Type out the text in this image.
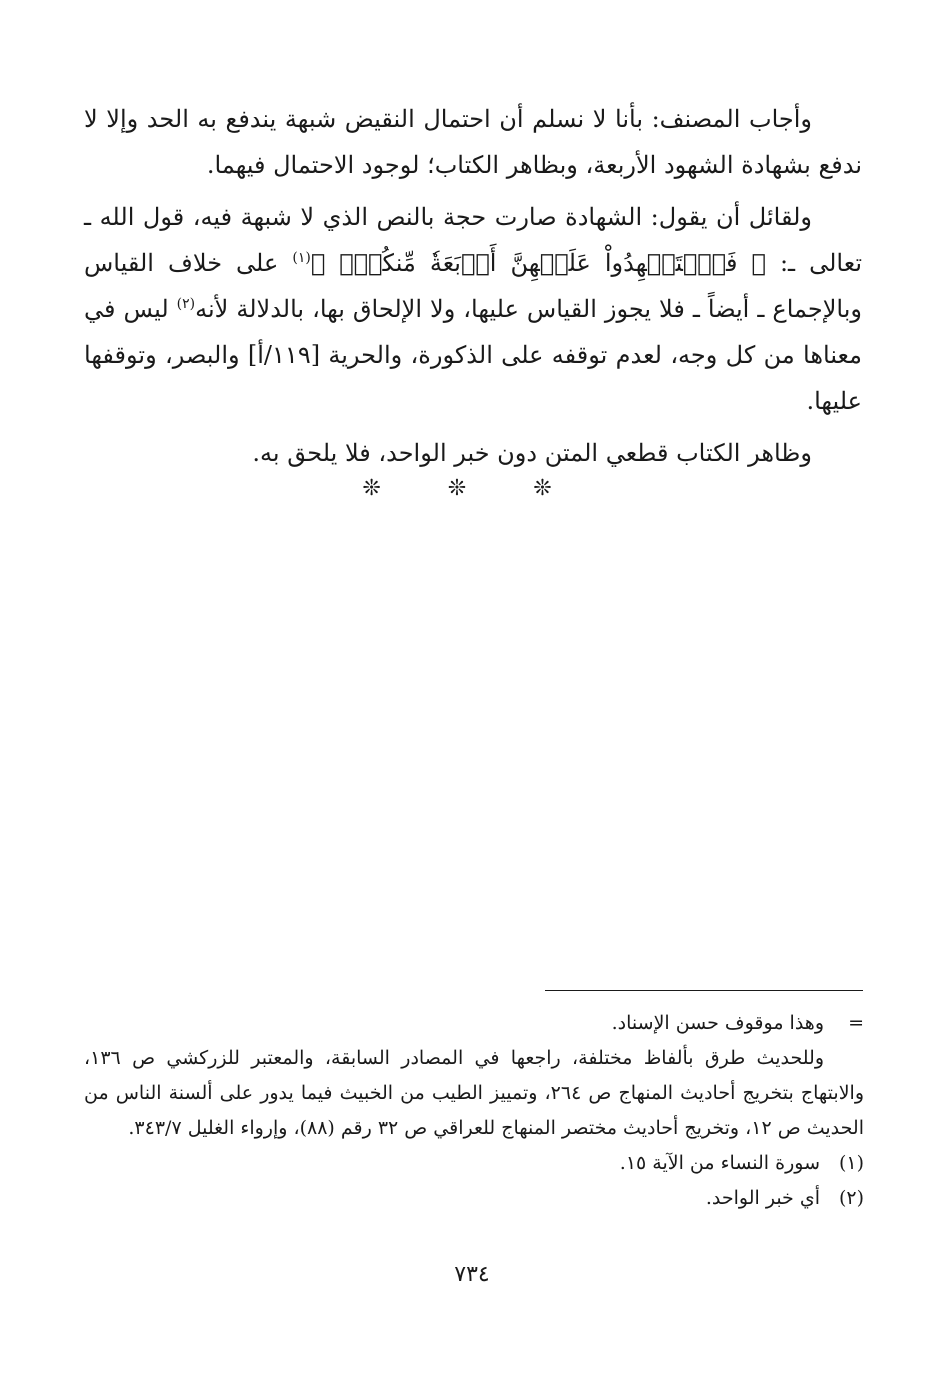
وأجاب المصنف: بأنا لا نسلم أن احتمال النقيض شبهة يندفع به الحد وإلا لا ندفع بشهادة الشهود الأربعة، وبظاهر الكتاب؛ لوجود الاحتمال فيهما.

ولقائل أن يقول: الشهادة صارت حجة بالنص الذي لا شبهة فيه، قول الله ـ تعالى ـ: ﴿ فَٱسۡتَشۡهِدُواْ عَلَيۡهِنَّ أَرۡبَعَةٗ مِّنكُمۡۖ ﴾$^{(١)}$ على خلاف القياس وبالإجماع ـ أيضاً ـ فلا يجوز القياس عليها، ولا الإلحاق بها، بالدلالة لأنه$^{(٢)}$ ليس في معناها من كل وجه، لعدم توقفه على الذكورة، والحرية [١١٩/أ] والبصر، وتوقفها عليها.

وظاهر الكتاب قطعي المتن دون خبر الواحد، فلا يلحق به.

❊ ❊ ❊
=
وهذا موقوف حسن الإسناد.

وللحديث طرق بألفاظ مختلفة، راجعها في المصادر السابقة، والمعتبر للزركشي ص ١٣٦، والابتهاج بتخريج أحاديث المنهاج ص ٢٦٤، وتمييز الطيب من الخبيث فيما يدور على ألسنة الناس من الحديث ص ١٢، وتخريج أحاديث مختصر المنهاج للعراقي ص ٣٢ رقم (٨٨)، وإرواء الغليل ٣٤٣/٧.

(١)
سورة النساء من الآية ١٥.
(٢)
أي خبر الواحد.
٧٣٤
